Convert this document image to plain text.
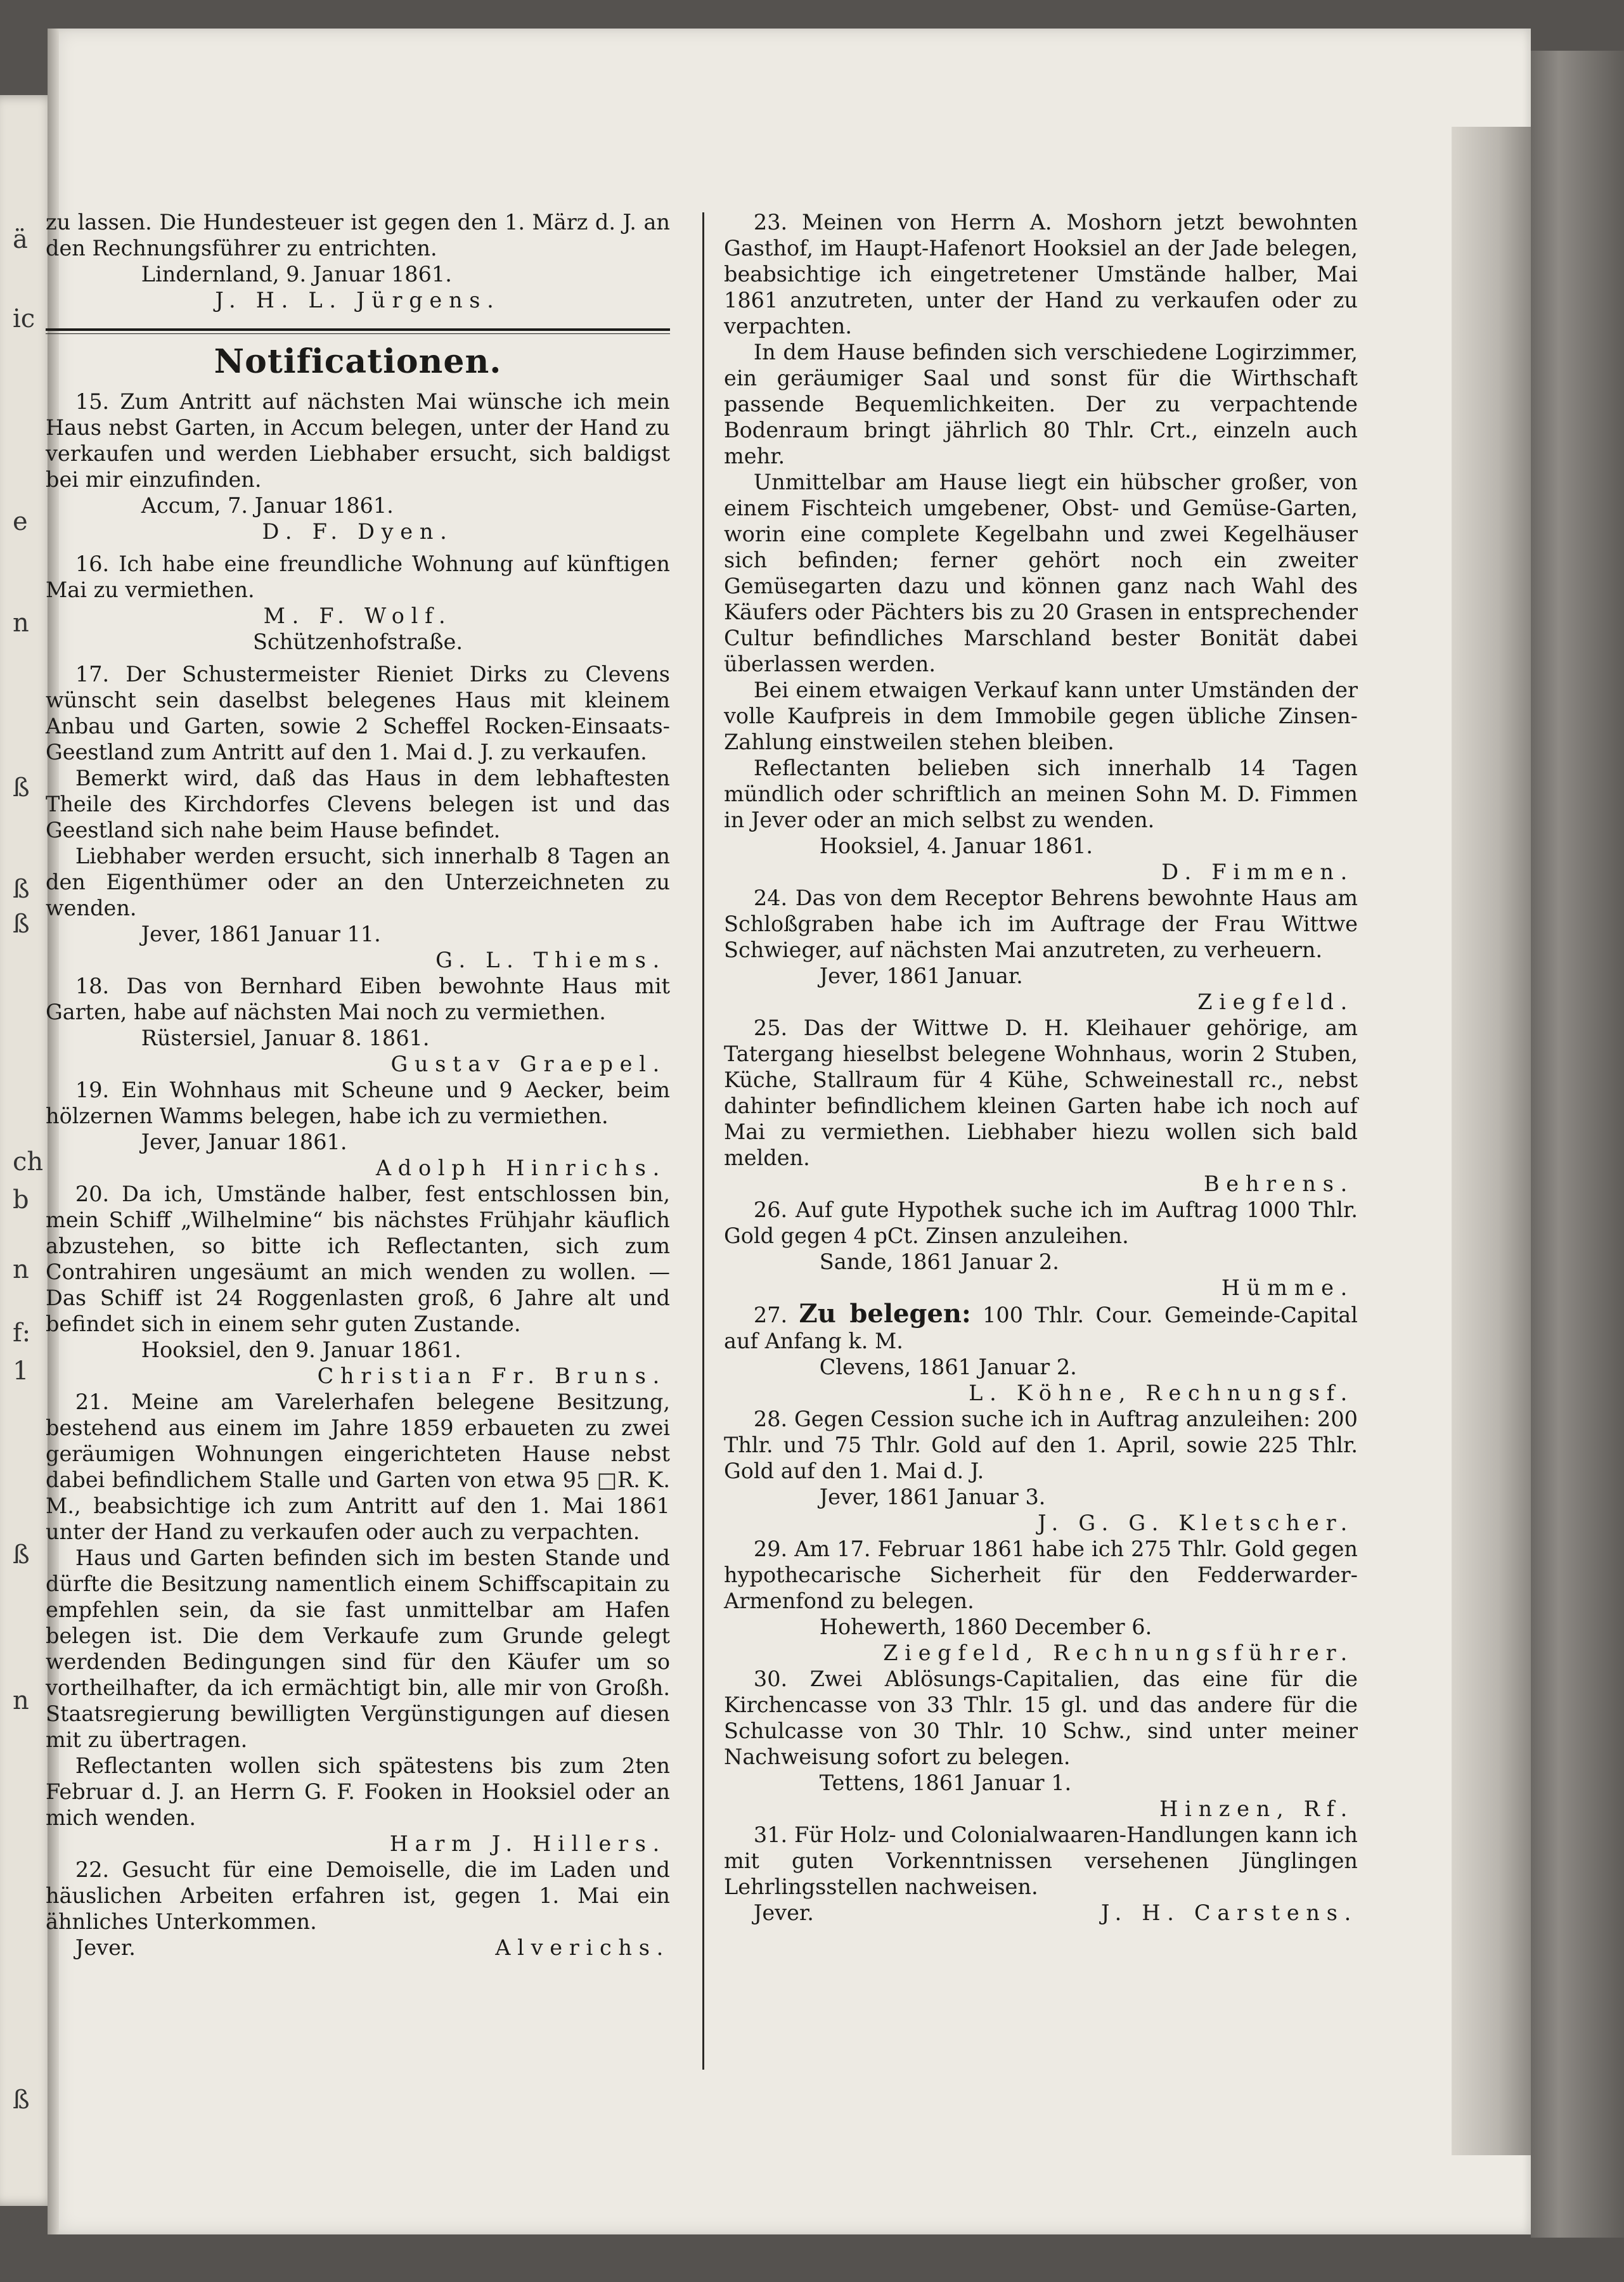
ä
ic
e
n
ß
ß
ß
ch
b
n
f:
1
ß
n
ß

zu lassen. Die Hundesteuer ist gegen den 1. März d. J. an den Rechnungsführer zu entrichten.

Lindernland, 9. Januar 1861.
J. H. L. Jürgens.
Notificationen.

15. Zum Antritt auf nächsten Mai wünsche ich mein Haus nebst Garten, in Accum belegen, unter der Hand zu verkaufen und werden Liebhaber ersucht, sich baldigst bei mir einzufinden.

Accum, 7. Januar 1861.
D. F. Dyen.

16. Ich habe eine freundliche Wohnung auf künftigen Mai zu vermiethen.

M. F. Wolf.
Schützenhofstraße.

17. Der Schustermeister Rieniet Dirks zu Clevens wünscht sein daselbst belegenes Haus mit kleinem Anbau und Garten, sowie 2 Scheffel Rocken-Einsaats-Geestland zum Antritt auf den 1. Mai d. J. zu verkaufen.

Bemerkt wird, daß das Haus in dem lebhaftesten Theile des Kirchdorfes Clevens belegen ist und das Geestland sich nahe beim Hause befindet.

Liebhaber werden ersucht, sich innerhalb 8 Tagen an den Eigenthümer oder an den Unterzeichneten zu wenden.

Jever, 1861 Januar 11.
G. L. Thiems.

18. Das von Bernhard Eiben bewohnte Haus mit Garten, habe auf nächsten Mai noch zu vermiethen.

Rüstersiel, Januar 8. 1861.
Gustav Graepel.

19. Ein Wohnhaus mit Scheune und 9 Aecker, beim hölzernen Wamms belegen, habe ich zu vermiethen.

Jever, Januar 1861.
Adolph Hinrichs.

20. Da ich, Umstände halber, fest entschlossen bin, mein Schiff „Wilhelmine“ bis nächstes Frühjahr käuflich abzustehen, so bitte ich Reflectanten, sich zum Contrahiren ungesäumt an mich wenden zu wollen. — Das Schiff ist 24 Roggenlasten groß, 6 Jahre alt und befindet sich in einem sehr guten Zustande.

Hooksiel, den 9. Januar 1861.
Christian Fr. Bruns.

21. Meine am Varelerhafen belegene Besitzung, bestehend aus einem im Jahre 1859 erbaueten zu zwei geräumigen Wohnungen eingerichteten Hause nebst dabei befindlichem Stalle und Garten von etwa 95 □R. K. M., beabsichtige ich zum Antritt auf den 1. Mai 1861 unter der Hand zu verkaufen oder auch zu verpachten.

Haus und Garten befinden sich im besten Stande und dürfte die Besitzung namentlich einem Schiffscapitain zu empfehlen sein, da sie fast unmittelbar am Hafen belegen ist. Die dem Verkaufe zum Grunde gelegt werdenden Bedingungen sind für den Käufer um so vortheilhafter, da ich ermächtigt bin, alle mir von Großh. Staatsregierung bewilligten Vergünstigungen auf diesen mit zu übertragen.

Reflectanten wollen sich spätestens bis zum 2ten Februar d. J. an Herrn G. F. Fooken in Hooksiel oder an mich wenden.

Harm J. Hillers.

22. Gesucht für eine Demoiselle, die im Laden und häuslichen Arbeiten erfahren ist, gegen 1. Mai ein ähnliches Unterkommen.

Jever.	Alverichs.

23. Meinen von Herrn A. Moshorn jetzt bewohnten Gasthof, im Haupt-Hafenort Hooksiel an der Jade belegen, beabsichtige ich eingetretener Umstände halber, Mai 1861 anzutreten, unter der Hand zu verkaufen oder zu verpachten.

In dem Hause befinden sich verschiedene Logirzimmer, ein geräumiger Saal und sonst für die Wirthschaft passende Bequemlichkeiten. Der zu verpachtende Bodenraum bringt jährlich 80 Thlr. Crt., einzeln auch mehr.

Unmittelbar am Hause liegt ein hübscher großer, von einem Fischteich umgebener, Obst- und Gemüse-Garten, worin eine complete Kegelbahn und zwei Kegelhäuser sich befinden; ferner gehört noch ein zweiter Gemüsegarten dazu und können ganz nach Wahl des Käufers oder Pächters bis zu 20 Grasen in entsprechender Cultur befindliches Marschland bester Bonität dabei überlassen werden.

Bei einem etwaigen Verkauf kann unter Umständen der volle Kaufpreis in dem Immobile gegen übliche Zinsen-Zahlung einstweilen stehen bleiben.

Reflectanten belieben sich innerhalb 14 Tagen mündlich oder schriftlich an meinen Sohn M. D. Fimmen in Jever oder an mich selbst zu wenden.

Hooksiel, 4. Januar 1861.
D. Fimmen.

24. Das von dem Receptor Behrens bewohnte Haus am Schloßgraben habe ich im Auftrage der Frau Wittwe Schwieger, auf nächsten Mai anzutreten, zu verheuern.

Jever, 1861 Januar.
Ziegfeld.

25. Das der Wittwe D. H. Kleihauer gehörige, am Tatergang hieselbst belegene Wohnhaus, worin 2 Stuben, Küche, Stallraum für 4 Kühe, Schweinestall rc., nebst dahinter befindlichem kleinen Garten habe ich noch auf Mai zu vermiethen. Liebhaber hiezu wollen sich bald melden.

Behrens.

26. Auf gute Hypothek suche ich im Auftrag 1000 Thlr. Gold gegen 4 pCt. Zinsen anzuleihen.

Sande, 1861 Januar 2.
Hümme.

27. Zu belegen: 100 Thlr. Cour. Gemeinde-Capital auf Anfang k. M.

Clevens, 1861 Januar 2.
L. Köhne, Rechnungsf.

28. Gegen Cession suche ich in Auftrag anzuleihen: 200 Thlr. und 75 Thlr. Gold auf den 1. April, sowie 225 Thlr. Gold auf den 1. Mai d. J.

Jever, 1861 Januar 3.
J. G. G. Kletscher.

29. Am 17. Februar 1861 habe ich 275 Thlr. Gold gegen hypothecarische Sicherheit für den Fedderwarder-Armenfond zu belegen.

Hohewerth, 1860 December 6.
Ziegfeld, Rechnungsführer.

30. Zwei Ablösungs-Capitalien, das eine für die Kirchencasse von 33 Thlr. 15 gl. und das andere für die Schulcasse von 30 Thlr. 10 Schw., sind unter meiner Nachweisung sofort zu belegen.

Tettens, 1861 Januar 1.
Hinzen, Rf.

31. Für Holz- und Colonialwaaren-Handlungen kann ich mit guten Vorkenntnissen versehenen Jünglingen Lehrlingsstellen nachweisen.

Jever.	J. H. Carstens.
